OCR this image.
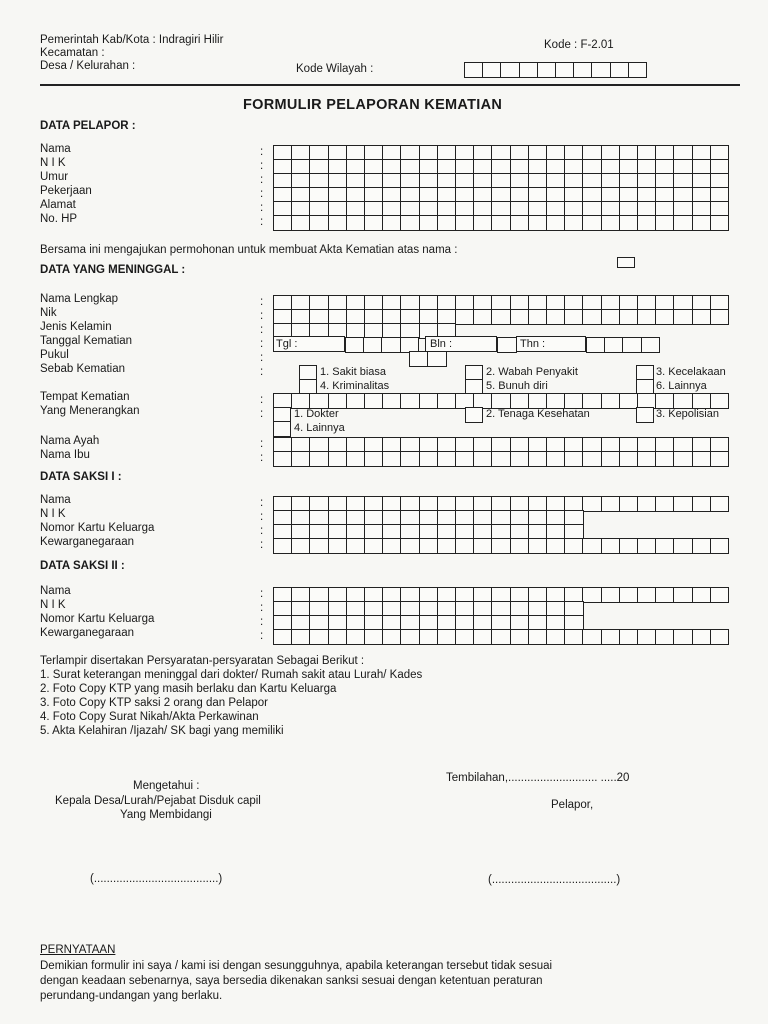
Pemerintah Kab/Kota : Indragiri Hilir
Kecamatan :
Desa / Kelurahan :
Kode : F-2.01
Kode Wilayah :
FORMULIR PELAPORAN KEMATIAN
DATA PELAPOR :
Bersama ini mengajukan permohonan untuk membuat Akta Kematian atas nama :
DATA YANG MENINGGAL :
DATA SAKSI I :
DATA SAKSI II :
Terlampir disertakan Persyaratan-persyaratan Sebagai Berikut :
1. Surat keterangan meninggal dari dokter/ Rumah sakit atau Lurah/ Kades
2. Foto Copy KTP yang masih berlaku dan Kartu Keluarga
3. Foto Copy KTP saksi 2 orang dan Pelapor
4. Foto Copy Surat Nikah/Akta Perkawinan
5. Akta Kelahiran /Ijazah/ SK bagi yang memiliki
Tembilahan,............................ .....20
Mengetahui :
Kepala Desa/Lurah/Pejabat Disduk capil
Yang Membidangi
Pelapor,
(.......................................)	(.......................................)
PERNYATAAN
Demikian formulir ini saya / kami isi dengan sesungguhnya, apabila keterangan tersebut tidak sesuai
dengan keadaan sebenarnya, saya bersedia dikenakan sanksi sesuai dengan ketentuan peraturan
perundang-undangan yang berlaku.
Nama	:
N I K	:
Umur	:
Pekerjaan	:
Alamat	:
No. HP	:
Nama Lengkap	:
Nik	:
Jenis Kelamin	:
Tanggal Kematian	:
Pukul	:
Sebab Kematian	:
Tempat Kematian	:
Yang Menerangkan	:
Nama Ayah	:
Nama Ibu	:
Tgl :	Bln :	Thn :
1. Sakit biasa
4. Kriminalitas
2. Wabah Penyakit
5. Bunuh diri
3. Kecelakaan
6. Lainnya
1. Dokter
4. Lainnya
2. Tenaga Kesehatan	3. Kepolisian
Nama	:
N I K	:
Nomor Kartu Keluarga	:
Kewarganegaraan	:
Nama	:
N I K	:
Nomor Kartu Keluarga	:
Kewarganegaraan	:
